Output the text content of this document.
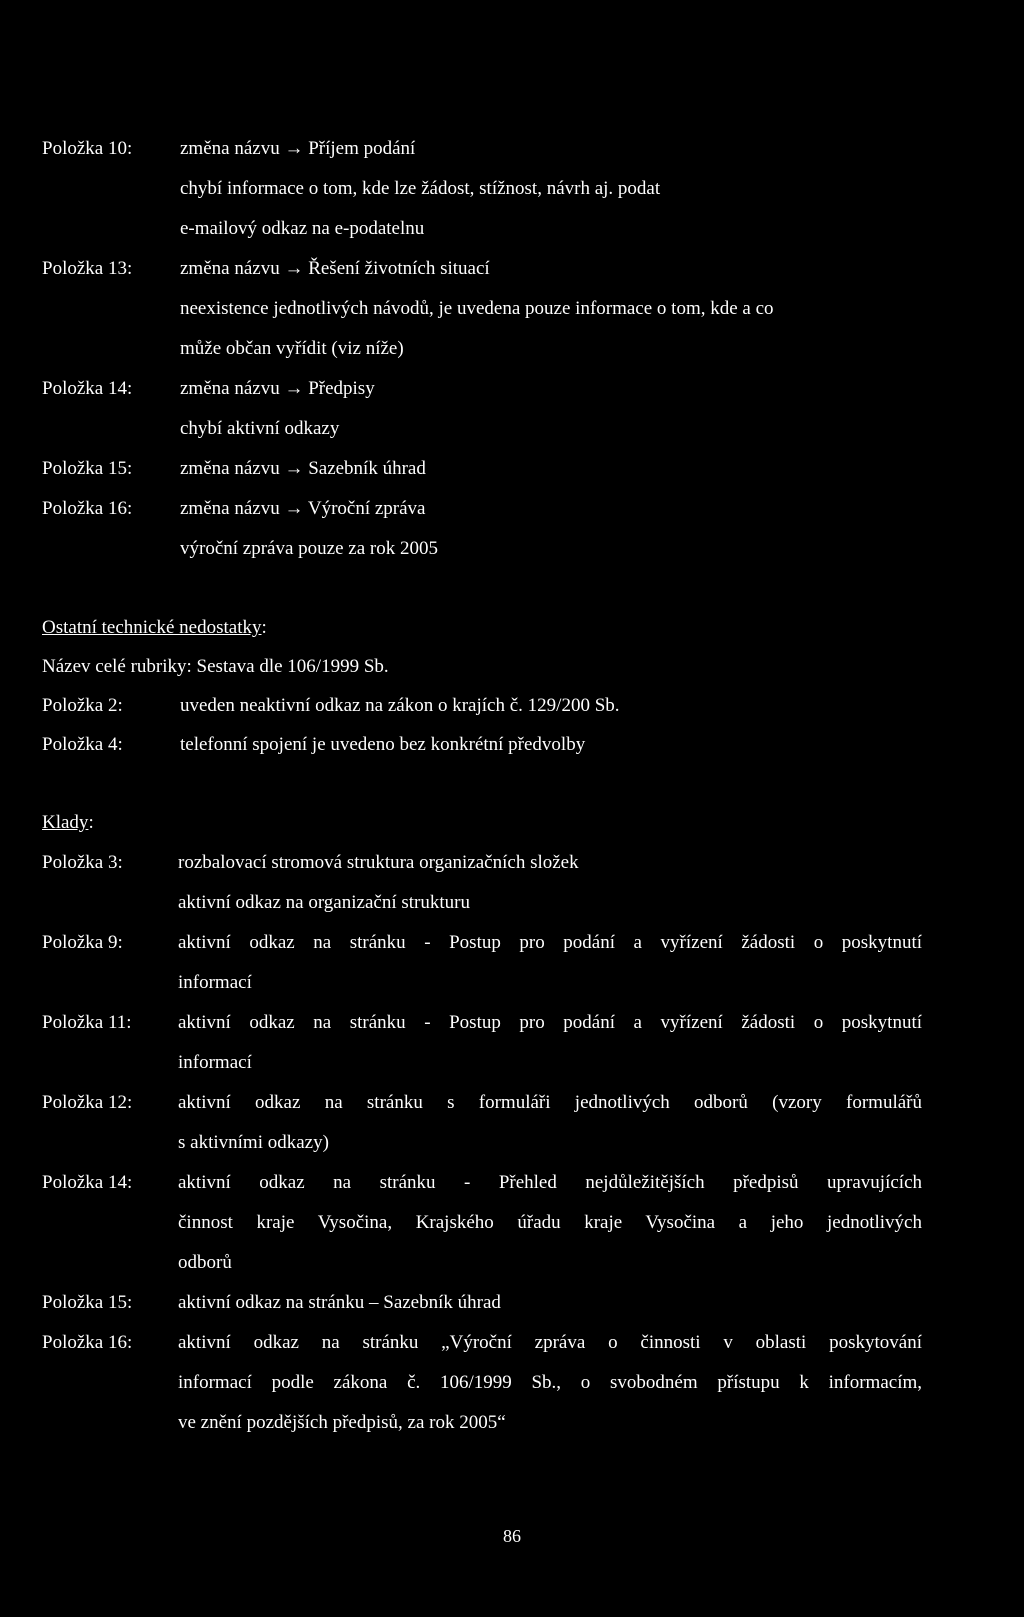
Položka 10:	změna názvu → Příjem podání
chybí informace o tom, kde lze žádost, stížnost, návrh aj. podat
e-mailový odkaz na e-podatelnu
Položka 13:	změna názvu → Řešení životních situací
neexistence jednotlivých návodů, je uvedena pouze informace o tom, kde a co
může občan vyřídit (viz níže)
Položka 14:	změna názvu → Předpisy
chybí aktivní odkazy
Položka 15:	změna názvu → Sazebník úhrad
Položka 16:	změna názvu → Výroční zpráva
výroční zpráva pouze za rok 2005
Ostatní technické nedostatky:
Název celé rubriky: Sestava dle 106/1999 Sb.
Položka 2:	uveden neaktivní odkaz na zákon o krajích č. 129/200 Sb.
Položka 4:	telefonní spojení je uvedeno bez konkrétní předvolby
Klady:
Položka 3:	rozbalovací stromová struktura organizačních složek
aktivní odkaz na organizační strukturu
Položka 9:	aktivní odkaz na stránku - Postup pro podání a vyřízení žádosti o poskytnutí
informací
Položka 11: aktivní odkaz na stránku - Postup pro podání a vyřízení žádosti o poskytnutí
informací
Položka 12: aktivní odkaz na stránku s formuláři jednotlivých odborů (vzory formulářů
s aktivními odkazy)
Položka 14: aktivní odkaz na stránku - Přehled nejdůležitějších předpisů upravujících
činnost kraje Vysočina, Krajského úřadu kraje Vysočina a jeho jednotlivých
odborů
Položka 15: aktivní odkaz na stránku – Sazebník úhrad
Položka 16: aktivní odkaz na stránku „Výroční zpráva o činnosti v oblasti poskytování
informací podle zákona č. 106/1999 Sb., o svobodném přístupu k informacím,
ve znění pozdějších předpisů, za rok 2005“
86
